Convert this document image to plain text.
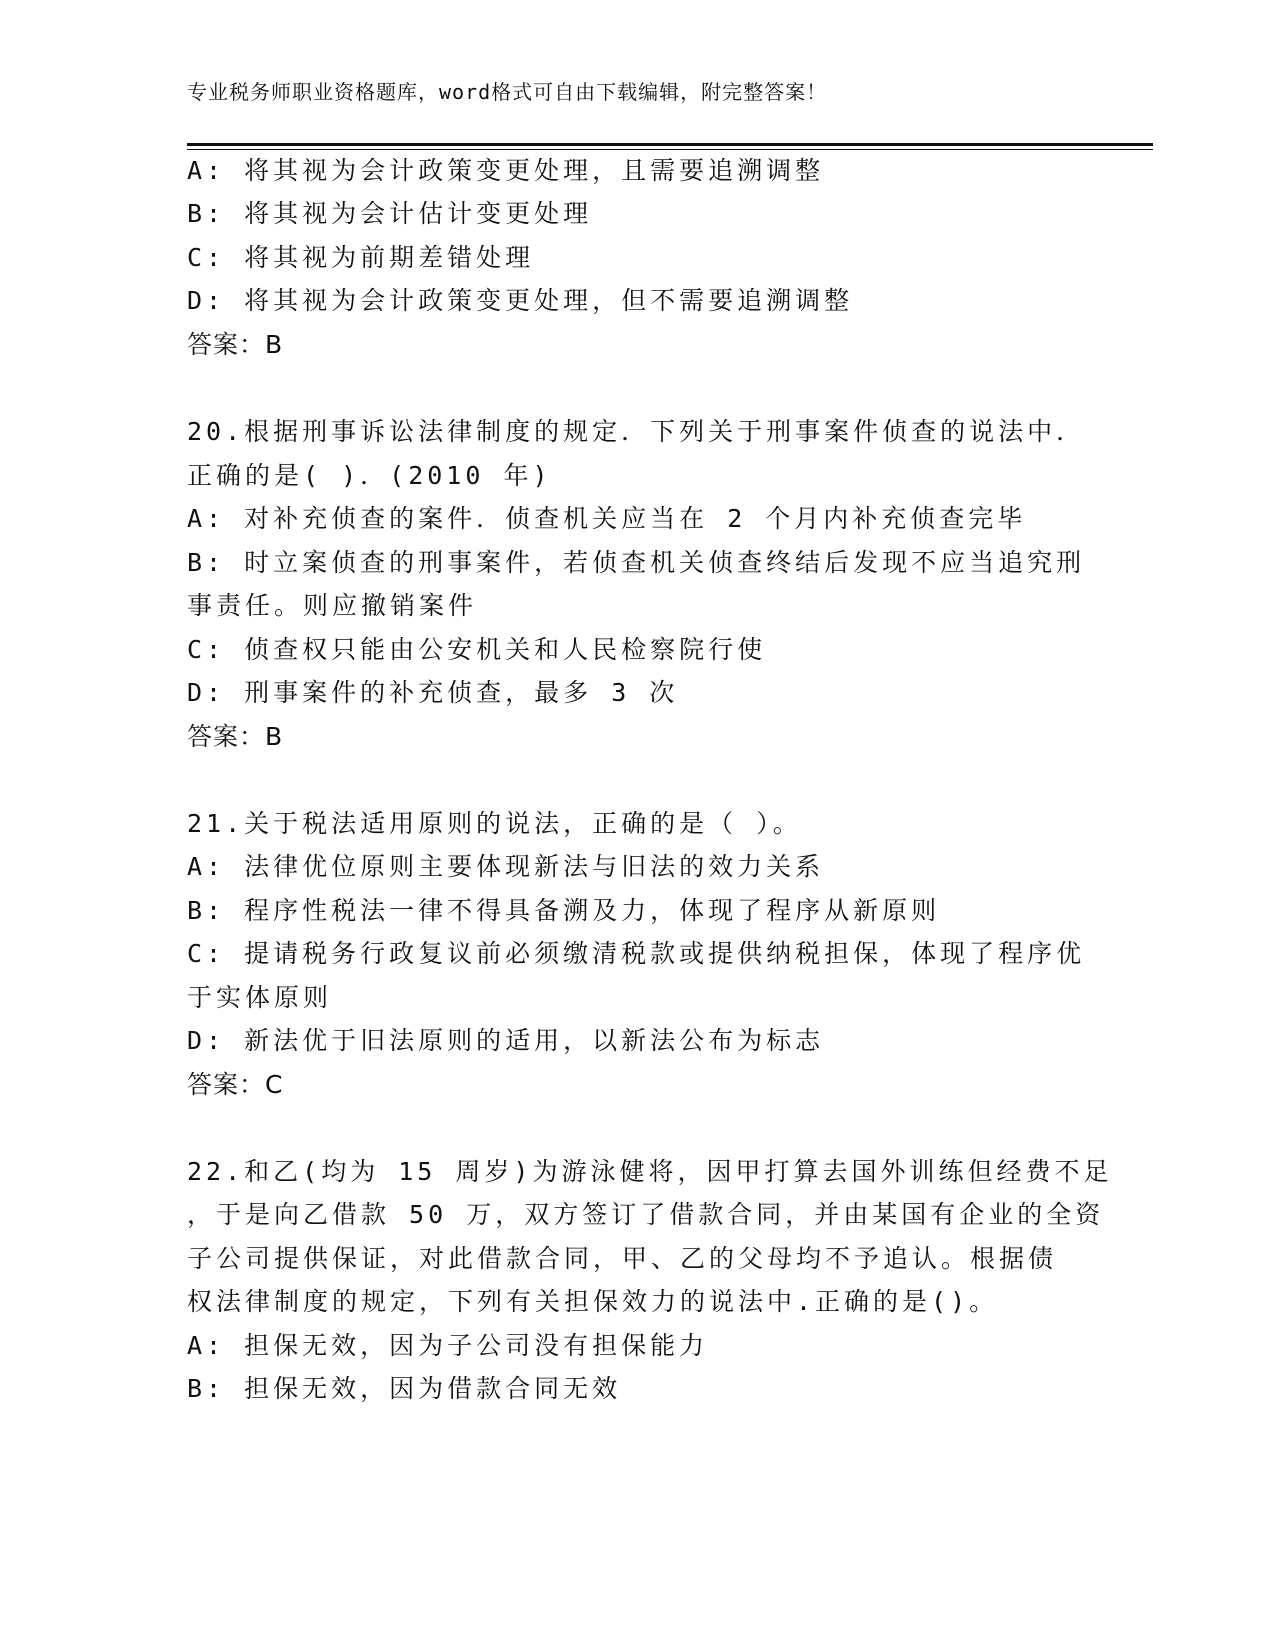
专业税务师职业资格题库，word格式可自由下载编辑，附完整答案！
A: 将其视为会计政策变更处理，且需要追溯调整
B: 将其视为会计估计变更处理
C: 将其视为前期差错处理
D: 将其视为会计政策变更处理，但不需要追溯调整
答案：B
20.根据刑事诉讼法律制度的规定．下列关于刑事案件侦查的说法中．
正确的是( )．(2010 年)
A: 对补充侦查的案件．侦查机关应当在 2 个月内补充侦查完毕
B: 时立案侦查的刑事案件，若侦查机关侦查终结后发现不应当追究刑
事责任。则应撤销案件
C: 侦查权只能由公安机关和人民检察院行使
D: 刑事案件的补充侦查，最多 3 次
答案：B
21.关于税法适用原则的说法，正确的是（ ）。
A: 法律优位原则主要体现新法与旧法的效力关系
B: 程序性税法一律不得具备溯及力，体现了程序从新原则
C: 提请税务行政复议前必须缴清税款或提供纳税担保，体现了程序优
于实体原则
D: 新法优于旧法原则的适用，以新法公布为标志
答案：C
22.和乙(均为 15 周岁)为游泳健将，因甲打算去国外训练但经费不足
，于是向乙借款 50 万，双方签订了借款合同，并由某国有企业的全资
子公司提供保证，对此借款合同，甲、乙的父母均不予追认。根据债
权法律制度的规定，下列有关担保效力的说法中.正确的是()。
A: 担保无效，因为子公司没有担保能力
B: 担保无效，因为借款合同无效
